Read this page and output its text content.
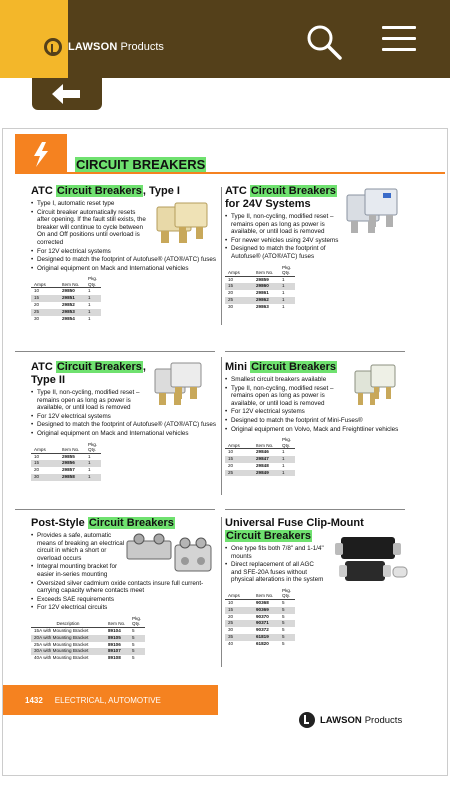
LAWSON Products
CIRCUIT BREAKERS
ATC Circuit Breakers, Type I
• Type I, automatic reset type
• Circuit breaker automatically resets after opening. If the fault still exists, the breaker will continue to cycle between On and Off positions until overload is corrected
• For 12V electrical systems
• Designed to match the footprint of Autofuse® (ATO®/ATC) fuses
• Original equipment on Mack and International vehicles
Amps	Item No.	Pkg. Qty.
10	29850	1
15	29851	1
20	29852	1
25	29853	1
30	29854	1
ATC Circuit Breakers
for 24V Systems
• Type II, non-cycling, modified reset – remains open as long as power is available, or until load is removed
• For newer vehicles using 24V systems
• Designed to match the footprint of Autofuse® (ATO®/ATC) fuses
Amps	Item No.	Pkg. Qty.
10	29859	1
15	29860	1
20	29861	1
25	29862	1
30	29863	1
ATC Circuit Breakers,
Type II
• Type II, non-cycling, modified reset – remains open as long as power is available, or until load is removed
• For 12V electrical systems
• Designed to match the footprint of Autofuse® (ATO®/ATC) fuses
• Original equipment on Mack and International vehicles
Amps	Item No.	Pkg. Qty.
10	29855	1
15	29856	1
20	29857	1
30	29858	1
Mini Circuit Breakers
• Smallest circuit breakers available
• Type II, non-cycling, modified reset – remains open as long as power is available, or until load is removed
• For 12V electrical systems
• Designed to match the footprint of Mini-Fuses®
• Original equipment on Volvo, Mack and Freightliner vehicles
Amps	Item No.	Pkg. Qty.
10	29846	1
15	29847	1
20	29848	1
25	29849	1
Post-Style Circuit Breakers
• Provides a safe, automatic means of breaking an electrical circuit in which a short or overload occurs
• Integral mounting bracket for easier in-series mounting
• Oversized silver cadmium oxide contacts insure full current-carrying capacity where contacts meet
• Exceeds SAE requirements
• For 12V electrical circuits
Description	Item No.	Pkg. Qty.
15A with Mounting Bracket	89104	5
20A with Mounting Bracket	89105	5
25A with Mounting Bracket	89106	5
30A with Mounting Bracket	89107	5
40A with Mounting Bracket	89108	5
Universal Fuse Clip-Mount
Circuit Breakers
• One type fits both 7/8" and 1-1/4" mounts
• Direct replacement of all AGC and SFE-20A fuses without physical alterations in the system
Amps	Item No.	Pkg. Qty.
10	90368	5
15	90369	5
20	90370	5
25	90371	5
30	90372	5
35	61819	5
40	61820	5
1432 ELECTRICAL, AUTOMOTIVE
LAWSON Products
